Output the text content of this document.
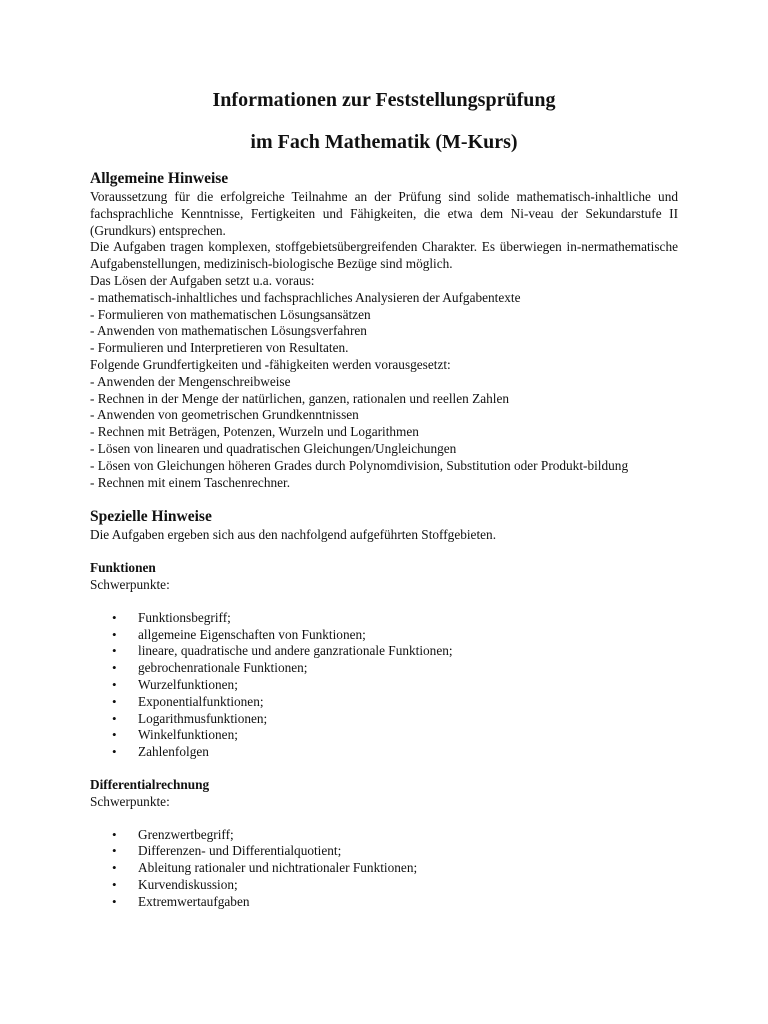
Informationen zur Feststellungsprüfung
im Fach Mathematik (M-Kurs)
Allgemeine Hinweise

Voraussetzung für die erfolgreiche Teilnahme an der Prüfung sind solide mathematisch-inhaltliche und fachsprachliche Kenntnisse, Fertigkeiten und Fähigkeiten, die etwa dem Ni-veau der Sekundarstufe II (Grundkurs) entsprechen.

Die Aufgaben tragen komplexen, stoffgebietsübergreifenden Charakter. Es überwiegen in-nermathematische Aufgabenstellungen, medizinisch-biologische Bezüge sind möglich.

Das Lösen der Aufgaben setzt u.a. voraus:

- mathematisch-inhaltliches und fachsprachliches Analysieren der Aufgabentexte
- Formulieren von mathematischen Lösungsansätzen
- Anwenden von mathematischen Lösungsverfahren
- Formulieren und Interpretieren von Resultaten.

Folgende Grundfertigkeiten und -fähigkeiten werden vorausgesetzt:

- Anwenden der Mengenschreibweise
- Rechnen in der Menge der natürlichen, ganzen, rationalen und reellen Zahlen
- Anwenden von geometrischen Grundkenntnissen
- Rechnen mit Beträgen, Potenzen, Wurzeln und Logarithmen
- Lösen von linearen und quadratischen Gleichungen/Ungleichungen
- Lösen von Gleichungen höheren Grades durch Polynomdivision, Substitution oder Produkt-bildung
- Rechnen mit einem Taschenrechner.
Spezielle Hinweise

Die Aufgaben ergeben sich aus den nachfolgend aufgeführten Stoffgebieten.

Funktionen

Schwerpunkte:

• Funktionsbegriff;
• allgemeine Eigenschaften von Funktionen;
• lineare, quadratische und andere ganzrationale Funktionen;
• gebrochenrationale Funktionen;
• Wurzelfunktionen;
• Exponentialfunktionen;
• Logarithmusfunktionen;
• Winkelfunktionen;
• Zahlenfolgen
Differentialrechnung

Schwerpunkte:

• Grenzwertbegriff;
• Differenzen- und Differentialquotient;
• Ableitung rationaler und nichtrationaler Funktionen;
• Kurvendiskussion;
• Extremwertaufgaben
